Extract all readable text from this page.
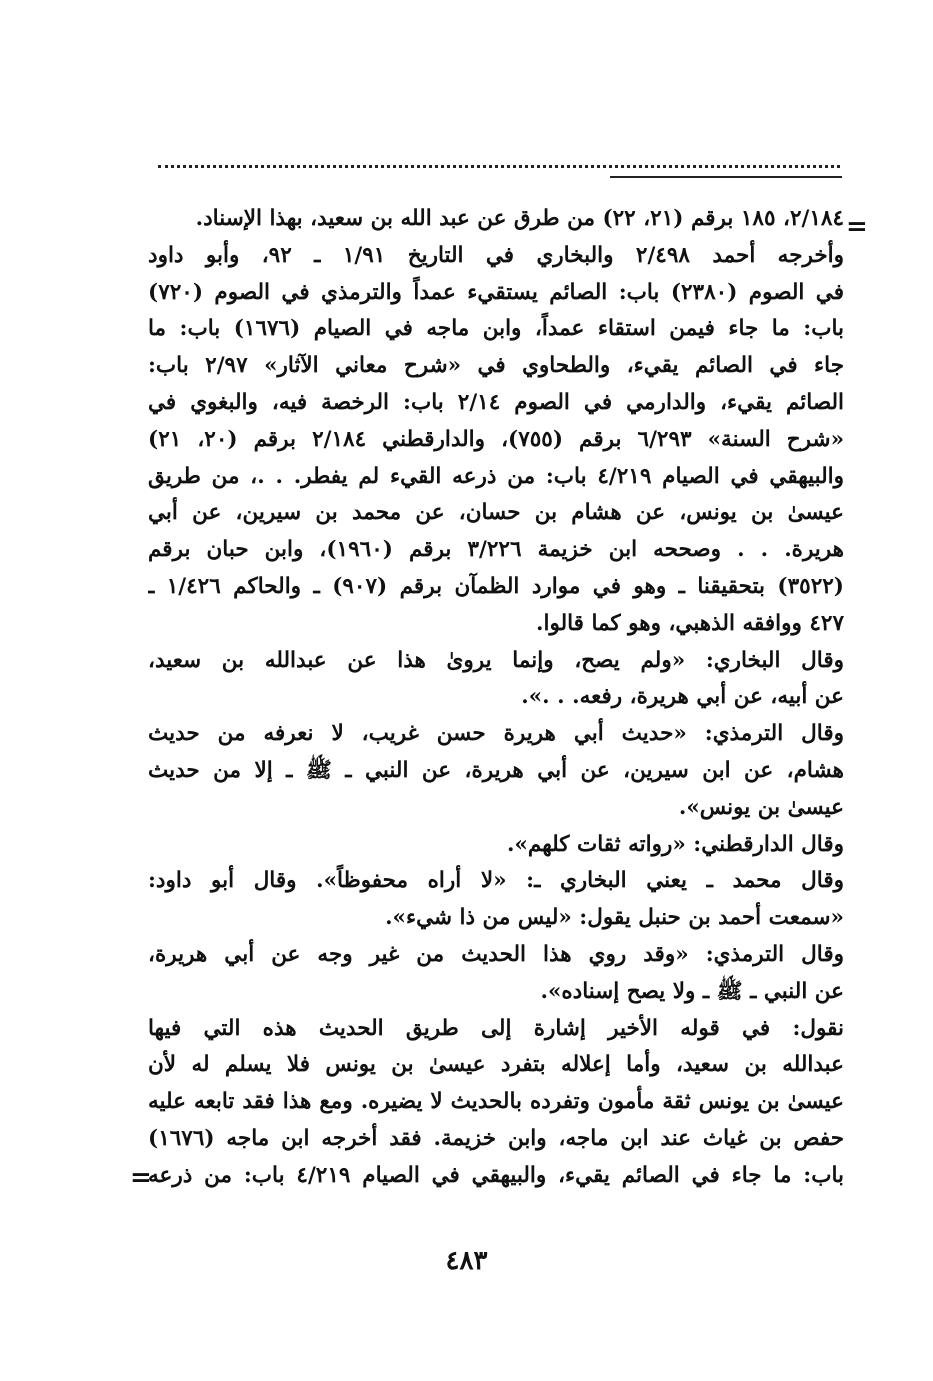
=
٢/١٨٤، ١٨٥ برقم (٢١، ٢٢) من طرق عن عبد الله بن سعيد، بهذا الإسناد.
وأخرجه أحمد ٢/٤٩٨ والبخاري في التاريخ ١/٩١ ـ ٩٢، وأبو داود
في الصوم (٢٣٨٠) باب: الصائم يستقيء عمداً والترمذي في الصوم (٧٢٠)
باب: ما جاء فيمن استقاء عمداً، وابن ماجه في الصيام (١٦٧٦) باب: ما
جاء في الصائم يقيء، والطحاوي في «شرح معاني الآثار» ٢/٩٧ باب:
الصائم يقيء، والدارمي في الصوم ٢/١٤ باب: الرخصة فيه، والبغوي في
«شرح السنة» ٦/٢٩٣ برقم (٧٥٥)، والدارقطني ٢/١٨٤ برقم (٢٠، ٢١)
والبيهقي في الصيام ٤/٢١٩ باب: من ذرعه القيء لم يفطر. . .، من طريق
عيسىٰ بن يونس، عن هشام بن حسان، عن محمد بن سيرين، عن أبي
هريرة. . . وصححه ابن خزيمة ٣/٢٢٦ برقم (١٩٦٠)، وابن حبان برقم
(٣٥٢٢) بتحقيقنا ـ وهو في موارد الظمآن برقم (٩٠٧) ـ والحاكم ١/٤٢٦ ـ
٤٢٧ ووافقه الذهبي، وهو كما قالوا.
وقال البخاري: «ولم يصح، وإنما يروىٰ هذا عن عبدالله بن سعيد،
عن أبيه، عن أبي هريرة، رفعه. . .».
وقال الترمذي: «حديث أبي هريرة حسن غريب، لا نعرفه من حديث
هشام، عن ابن سيرين، عن أبي هريرة، عن النبي ـ ﷺ ـ إلا من حديث
عيسىٰ بن يونس».
وقال الدارقطني: «رواته ثقات كلهم».
وقال محمد ـ يعني البخاري ـ: «لا أراه محفوظاً». وقال أبو داود:
«سمعت أحمد بن حنبل يقول: «ليس من ذا شيء».
وقال الترمذي: «وقد روي هذا الحديث من غير وجه عن أبي هريرة،
عن النبي ـ ﷺ ـ ولا يصح إسناده».
نقول: في قوله الأخير إشارة إلى طريق الحديث هذه التي فيها
عبدالله بن سعيد، وأما إعلاله بتفرد عيسىٰ بن يونس فلا يسلم له لأن
عيسىٰ بن يونس ثقة مأمون وتفرده بالحديث لا يضيره. ومع هذا فقد تابعه عليه
حفص بن غياث عند ابن ماجه، وابن خزيمة. فقد أخرجه ابن ماجه (١٦٧٦)
باب: ما جاء في الصائم يقيء، والبيهقي في الصيام ٤/٢١٩ باب: من ذرعه
=
٤٨٣
